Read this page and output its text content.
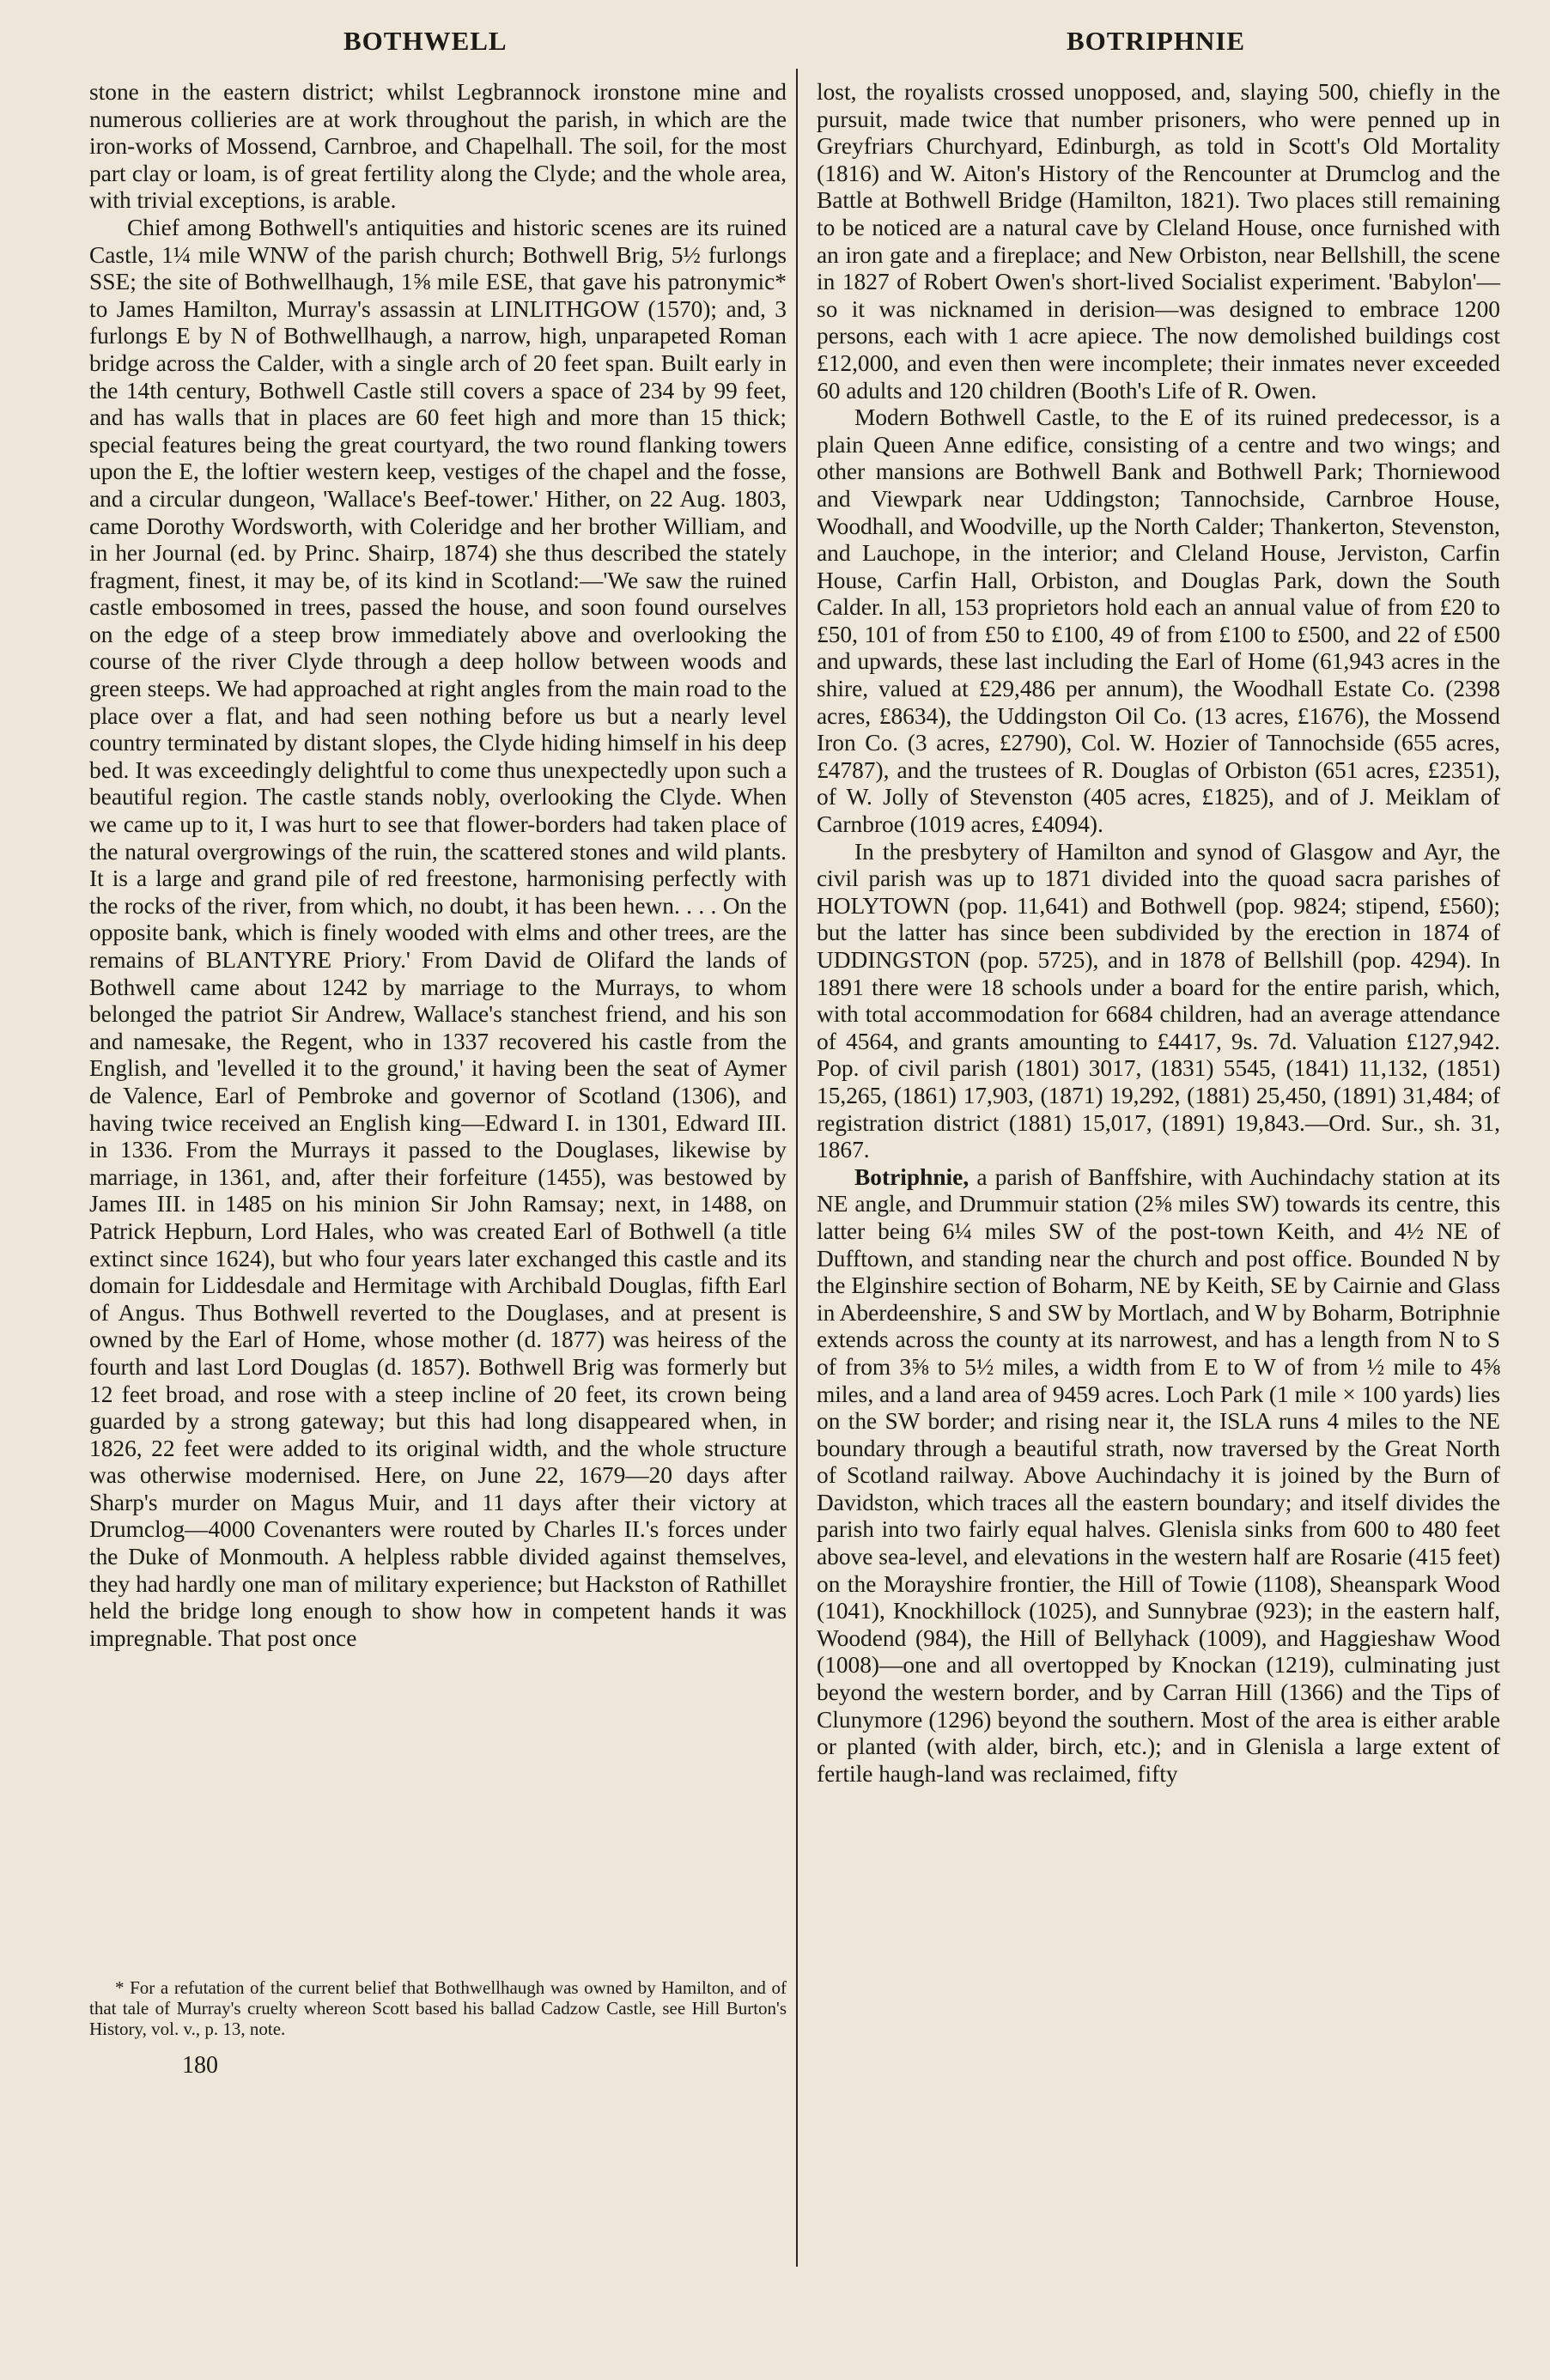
BOTHWELL	BOTRIPHNIE

stone in the eastern district; whilst Legbrannock ironstone mine and numerous collieries are at work throughout the parish, in which are the iron-works of Mossend, Carnbroe, and Chapelhall. The soil, for the most part clay or loam, is of great fertility along the Clyde; and the whole area, with trivial exceptions, is arable.

Chief among Bothwell's antiquities and historic scenes are its ruined Castle, 1¼ mile WNW of the parish church; Bothwell Brig, 5½ furlongs SSE; the site of Bothwellhaugh, 1⅝ mile ESE, that gave his patronymic* to James Hamilton, Murray's assassin at LINLITHGOW (1570); and, 3 furlongs E by N of Bothwellhaugh, a narrow, high, unparapeted Roman bridge across the Calder, with a single arch of 20 feet span. Built early in the 14th century, Bothwell Castle still covers a space of 234 by 99 feet, and has walls that in places are 60 feet high and more than 15 thick; special features being the great courtyard, the two round flanking towers upon the E, the loftier western keep, vestiges of the chapel and the fosse, and a circular dungeon, 'Wallace's Beef-tower.' Hither, on 22 Aug. 1803, came Dorothy Wordsworth, with Coleridge and her brother William, and in her Journal (ed. by Princ. Shairp, 1874) she thus described the stately fragment, finest, it may be, of its kind in Scotland:—'We saw the ruined castle embosomed in trees, passed the house, and soon found ourselves on the edge of a steep brow immediately above and overlooking the course of the river Clyde through a deep hollow between woods and green steeps. We had approached at right angles from the main road to the place over a flat, and had seen nothing before us but a nearly level country terminated by distant slopes, the Clyde hiding himself in his deep bed. It was exceedingly delightful to come thus unexpectedly upon such a beautiful region. The castle stands nobly, overlooking the Clyde. When we came up to it, I was hurt to see that flower-borders had taken place of the natural overgrowings of the ruin, the scattered stones and wild plants. It is a large and grand pile of red freestone, harmonising perfectly with the rocks of the river, from which, no doubt, it has been hewn. . . . On the opposite bank, which is finely wooded with elms and other trees, are the remains of BLANTYRE Priory.' From David de Olifard the lands of Bothwell came about 1242 by marriage to the Murrays, to whom belonged the patriot Sir Andrew, Wallace's stanchest friend, and his son and namesake, the Regent, who in 1337 recovered his castle from the English, and 'levelled it to the ground,' it having been the seat of Aymer de Valence, Earl of Pembroke and governor of Scotland (1306), and having twice received an English king—Edward I. in 1301, Edward III. in 1336. From the Murrays it passed to the Douglases, likewise by marriage, in 1361, and, after their forfeiture (1455), was bestowed by James III. in 1485 on his minion Sir John Ramsay; next, in 1488, on Patrick Hepburn, Lord Hales, who was created Earl of Bothwell (a title extinct since 1624), but who four years later exchanged this castle and its domain for Liddesdale and Hermitage with Archibald Douglas, fifth Earl of Angus. Thus Bothwell reverted to the Douglases, and at present is owned by the Earl of Home, whose mother (d. 1877) was heiress of the fourth and last Lord Douglas (d. 1857). Bothwell Brig was formerly but 12 feet broad, and rose with a steep incline of 20 feet, its crown being guarded by a strong gateway; but this had long disappeared when, in 1826, 22 feet were added to its original width, and the whole structure was otherwise modernised. Here, on June 22, 1679—20 days after Sharp's murder on Magus Muir, and 11 days after their victory at Drumclog—4000 Covenanters were routed by Charles II.'s forces under the Duke of Monmouth. A helpless rabble divided against themselves, they had hardly one man of military experience; but Hackston of Rathillet held the bridge long enough to show how in competent hands it was impregnable. That post once

* For a refutation of the current belief that Bothwellhaugh was owned by Hamilton, and of that tale of Murray's cruelty whereon Scott based his ballad Cadzow Castle, see Hill Burton's History, vol. v., p. 13, note.

180

lost, the royalists crossed unopposed, and, slaying 500, chiefly in the pursuit, made twice that number prisoners, who were penned up in Greyfriars Churchyard, Edinburgh, as told in Scott's Old Mortality (1816) and W. Aiton's History of the Rencounter at Drumclog and the Battle at Bothwell Bridge (Hamilton, 1821). Two places still remaining to be noticed are a natural cave by Cleland House, once furnished with an iron gate and a fireplace; and New Orbiston, near Bellshill, the scene in 1827 of Robert Owen's short-lived Socialist experiment. 'Babylon'—so it was nicknamed in derision—was designed to embrace 1200 persons, each with 1 acre apiece. The now demolished buildings cost £12,000, and even then were incomplete; their inmates never exceeded 60 adults and 120 children (Booth's Life of R. Owen.

Modern Bothwell Castle, to the E of its ruined predecessor, is a plain Queen Anne edifice, consisting of a centre and two wings; and other mansions are Bothwell Bank and Bothwell Park; Thorniewood and Viewpark near Uddingston; Tannochside, Carnbroe House, Woodhall, and Woodville, up the North Calder; Thankerton, Stevenston, and Lauchope, in the interior; and Cleland House, Jerviston, Carfin House, Carfin Hall, Orbiston, and Douglas Park, down the South Calder. In all, 153 proprietors hold each an annual value of from £20 to £50, 101 of from £50 to £100, 49 of from £100 to £500, and 22 of £500 and upwards, these last including the Earl of Home (61,943 acres in the shire, valued at £29,486 per annum), the Woodhall Estate Co. (2398 acres, £8634), the Uddingston Oil Co. (13 acres, £1676), the Mossend Iron Co. (3 acres, £2790), Col. W. Hozier of Tannochside (655 acres, £4787), and the trustees of R. Douglas of Orbiston (651 acres, £2351), of W. Jolly of Stevenston (405 acres, £1825), and of J. Meiklam of Carnbroe (1019 acres, £4094).

In the presbytery of Hamilton and synod of Glasgow and Ayr, the civil parish was up to 1871 divided into the quoad sacra parishes of HOLYTOWN (pop. 11,641) and Bothwell (pop. 9824; stipend, £560); but the latter has since been subdivided by the erection in 1874 of UDDINGSTON (pop. 5725), and in 1878 of Bellshill (pop. 4294). In 1891 there were 18 schools under a board for the entire parish, which, with total accommodation for 6684 children, had an average attendance of 4564, and grants amounting to £4417, 9s. 7d. Valuation £127,942. Pop. of civil parish (1801) 3017, (1831) 5545, (1841) 11,132, (1851) 15,265, (1861) 17,903, (1871) 19,292, (1881) 25,450, (1891) 31,484; of registration district (1881) 15,017, (1891) 19,843.—Ord. Sur., sh. 31, 1867.

Botriphnie, a parish of Banffshire, with Auchindachy station at its NE angle, and Drummuir station (2⅝ miles SW) towards its centre, this latter being 6¼ miles SW of the post-town Keith, and 4½ NE of Dufftown, and standing near the church and post office. Bounded N by the Elginshire section of Boharm, NE by Keith, SE by Cairnie and Glass in Aberdeenshire, S and SW by Mortlach, and W by Boharm, Botriphnie extends across the county at its narrowest, and has a length from N to S of from 3⅝ to 5½ miles, a width from E to W of from ½ mile to 4⅝ miles, and a land area of 9459 acres. Loch Park (1 mile × 100 yards) lies on the SW border; and rising near it, the ISLA runs 4 miles to the NE boundary through a beautiful strath, now traversed by the Great North of Scotland railway. Above Auchindachy it is joined by the Burn of Davidston, which traces all the eastern boundary; and itself divides the parish into two fairly equal halves. Glenisla sinks from 600 to 480 feet above sea-level, and elevations in the western half are Rosarie (415 feet) on the Morayshire frontier, the Hill of Towie (1108), Sheanspark Wood (1041), Knockhillock (1025), and Sunnybrae (923); in the eastern half, Woodend (984), the Hill of Bellyhack (1009), and Haggieshaw Wood (1008)—one and all overtopped by Knockan (1219), culminating just beyond the western border, and by Carran Hill (1366) and the Tips of Clunymore (1296) beyond the southern. Most of the area is either arable or planted (with alder, birch, etc.); and in Glenisla a large extent of fertile haugh-land was reclaimed, fifty
